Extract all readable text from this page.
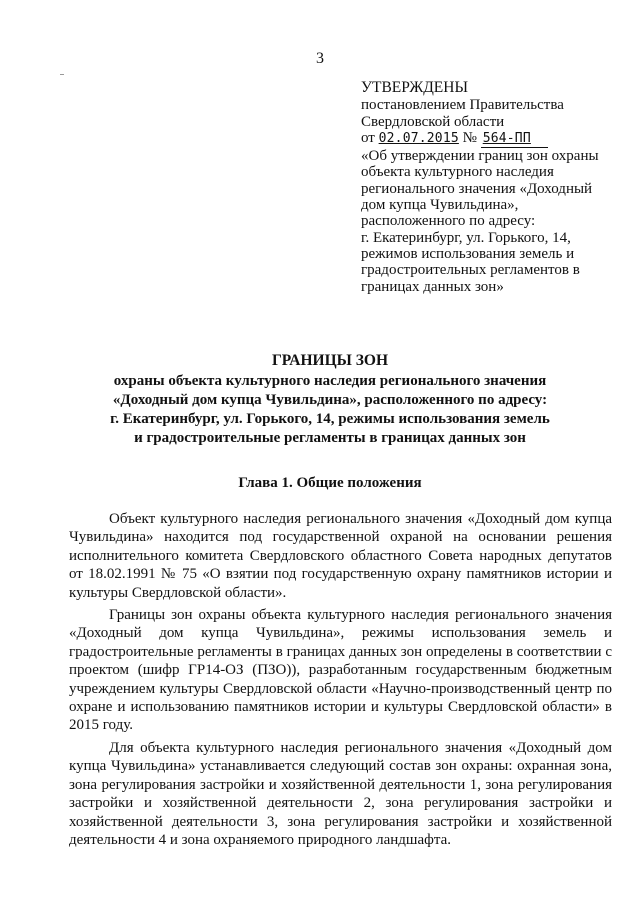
3
УТВЕРЖДЕНЫ
постановлением Правительства
Свердловской области
от 02.07.2015 № 564-ПП
«Об утверждении границ зон охраны
объекта культурного наследия
регионального значения «Доходный
дом купца Чувильдина»,
расположенного по адресу:
г. Екатеринбург, ул. Горького, 14,
режимов использования земель и
градостроительных регламентов в
границах данных зон»
ГРАНИЦЫ ЗОН
охраны объекта культурного наследия регионального значения
«Доходный дом купца Чувильдина», расположенного по адресу:
г. Екатеринбург, ул. Горького, 14, режимы использования земель
и градостроительные регламенты в границах данных зон
Глава 1. Общие положения

Объект культурного наследия регионального значения «Доходный дом купца Чувильдина» находится под государственной охраной на основании решения исполнительного комитета Свердловского областного Совета народных депутатов от 18.02.1991 № 75 «О взятии под государственную охрану памятников истории и культуры Свердловской области».

Границы зон охраны объекта культурного наследия регионального значения «Доходный дом купца Чувильдина», режимы использования земель и градостроительные регламенты в границах данных зон определены в соответствии с проектом (шифр ГР14-ОЗ (ПЗО)), разработанным государственным бюджетным учреждением культуры Свердловской области «Научно-производственный центр по охране и использованию памятников истории и культуры Свердловской области» в 2015 году.

Для объекта культурного наследия регионального значения «Доходный дом купца Чувильдина» устанавливается следующий состав зон охраны: охранная зона, зона регулирования застройки и хозяйственной деятельности 1, зона регулирования застройки и хозяйственной деятельности 2, зона регулирования застройки и хозяйственной деятельности 3, зона регулирования застройки и хозяйственной деятельности 4 и зона охраняемого природного ландшафта.
